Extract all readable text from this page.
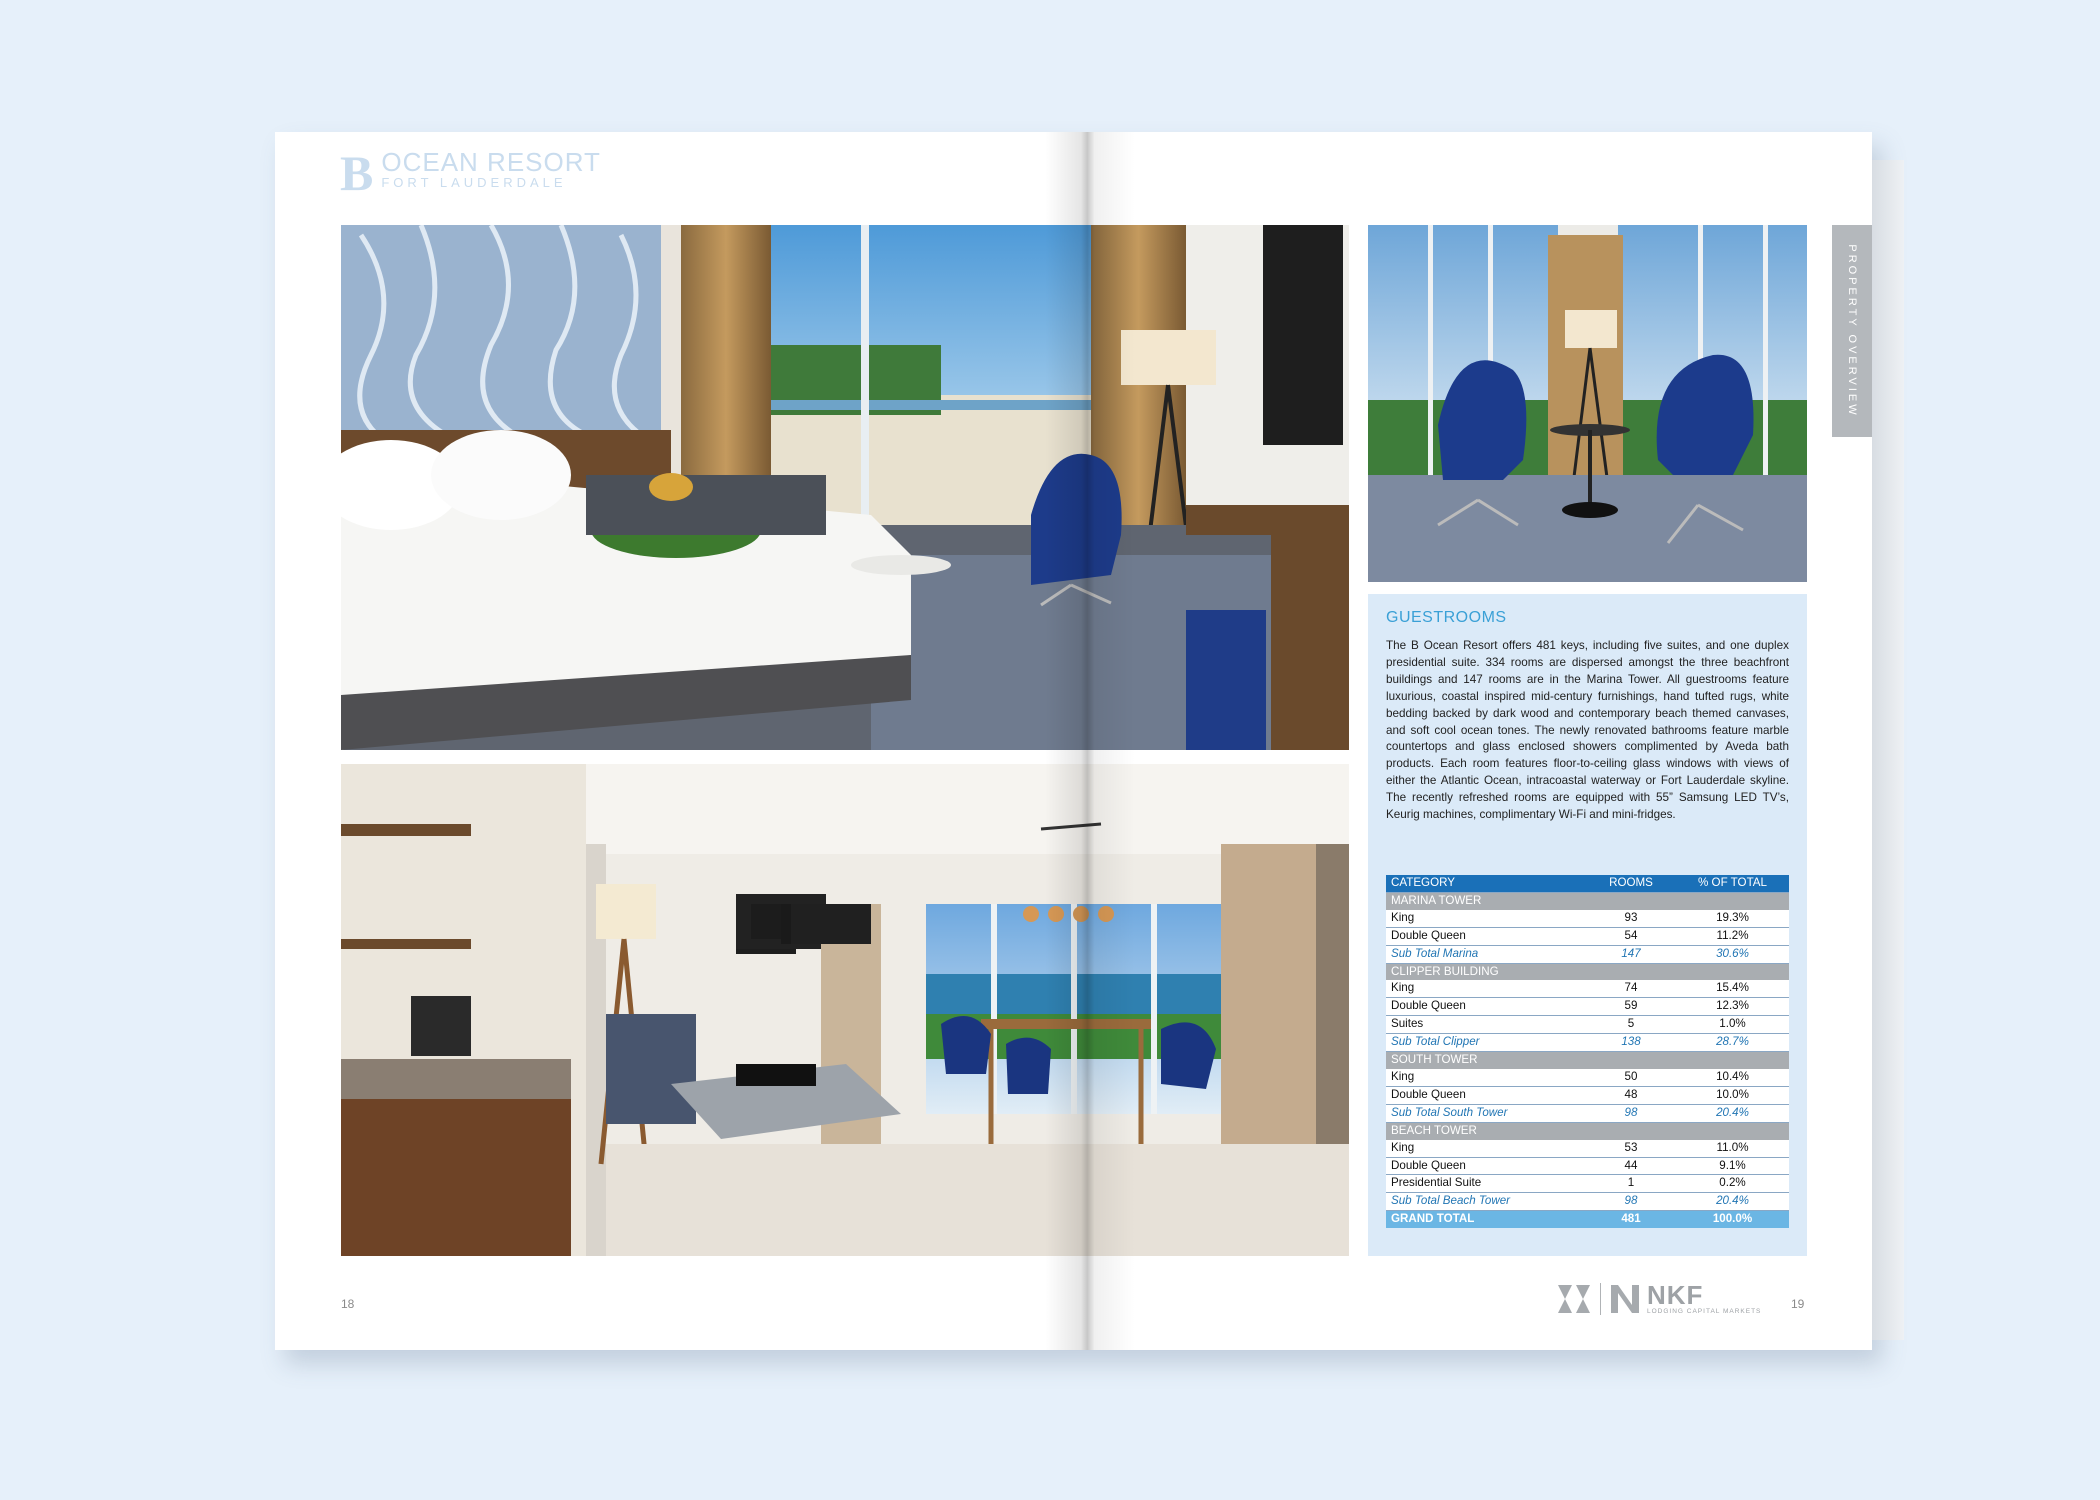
B OCEAN RESORT
FORT LAUDERDALE
PROPERTY OVERVIEW
GUESTROOMS

The B Ocean Resort offers 481 keys, including five suites, and one duplex presidential suite. 334 rooms are dispersed amongst the three beachfront buildings and 147 rooms are in the Marina Tower. All guestrooms feature luxurious, coastal inspired mid-century furnishings, hand tufted rugs, white bedding backed by dark wood and contemporary beach themed canvases, and soft cool ocean tones. The newly renovated bathrooms feature marble countertops and glass enclosed showers complimented by Aveda bath products. Each room features floor-to-ceiling glass windows with views of either the Atlantic Ocean, intracoastal waterway or Fort Lauderdale skyline. The recently refreshed rooms are equipped with 55” Samsung LED TV’s, Keurig machines, complimentary Wi-Fi and mini-fridges.

CATEGORY	ROOMS	% OF TOTAL
MARINA TOWER		
King	93	19.3%
Double Queen	54	11.2%
Sub Total Marina	147	30.6%
CLIPPER BUILDING		
King	74	15.4%
Double Queen	59	12.3%
Suites	5	1.0%
Sub Total Clipper	138	28.7%
SOUTH TOWER		
King	50	10.4%
Double Queen	48	10.0%
Sub Total South Tower	98	20.4%
BEACH TOWER		
King	53	11.0%
Double Queen	44	9.1%
Presidential Suite	1	0.2%
Sub Total Beach Tower	98	20.4%
GRAND TOTAL	481	100.0%
18	19
NKF
LODGING CAPITAL MARKETS
